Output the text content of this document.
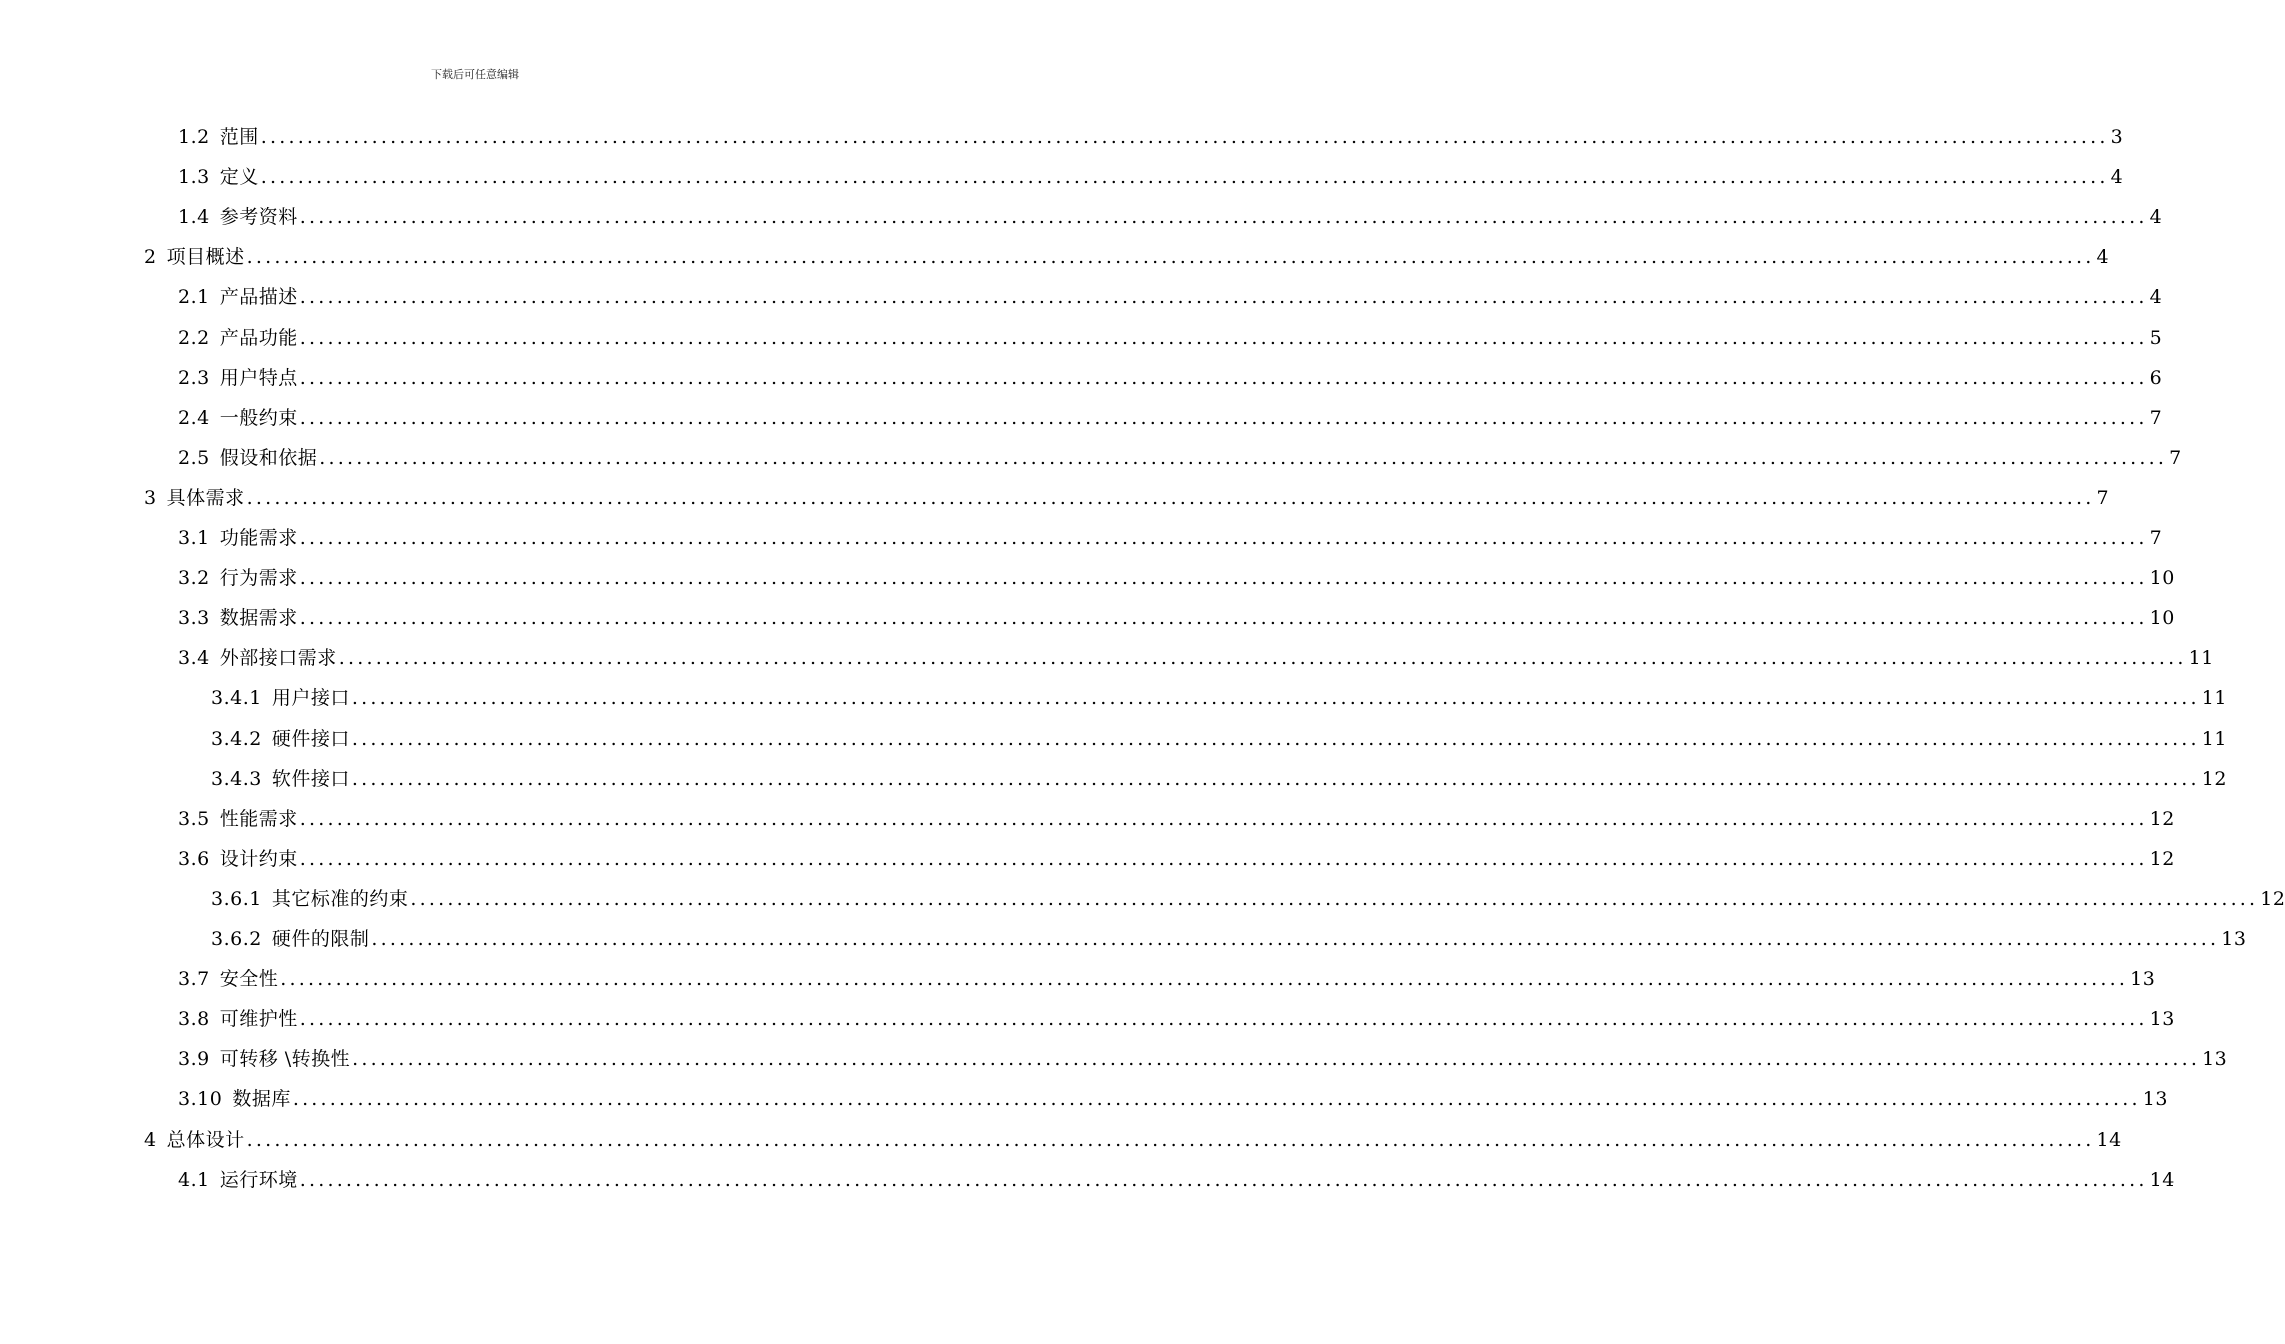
下载后可任意编辑
1.2 范围 ........................................................................................................................................................................................................ 3
1.3 定义 ........................................................................................................................................................................................................ 4
1.4 参考资料 ........................................................................................................................................................................................................ 4
2 项目概述 ........................................................................................................................................................................................................ 4
2.1 产品描述 ........................................................................................................................................................................................................ 4
2.2 产品功能 ........................................................................................................................................................................................................ 5
2.3 用户特点 ........................................................................................................................................................................................................ 6
2.4 一般约束 ........................................................................................................................................................................................................ 7
2.5 假设和依据 ........................................................................................................................................................................................................ 7
3 具体需求 ........................................................................................................................................................................................................ 7
3.1 功能需求 ........................................................................................................................................................................................................ 7
3.2 行为需求 ........................................................................................................................................................................................................ 10
3.3 数据需求 ........................................................................................................................................................................................................ 10
3.4 外部接口需求 ........................................................................................................................................................................................................ 11
3.4.1 用户接口 ........................................................................................................................................................................................................ 11
3.4.2 硬件接口 ........................................................................................................................................................................................................ 11
3.4.3 软件接口 ........................................................................................................................................................................................................ 12
3.5 性能需求 ........................................................................................................................................................................................................ 12
3.6 设计约束 ........................................................................................................................................................................................................ 12
3.6.1 其它标准的约束 ........................................................................................................................................................................................................ 12
3.6.2 硬件的限制 ........................................................................................................................................................................................................ 13
3.7 安全性 ........................................................................................................................................................................................................ 13
3.8 可维护性 ........................................................................................................................................................................................................ 13
3.9 可转移 \转换性 ........................................................................................................................................................................................................ 13
3.10 数据库 ........................................................................................................................................................................................................ 13
4 总体设计 ........................................................................................................................................................................................................ 14
4.1 运行环境 ........................................................................................................................................................................................................ 14
